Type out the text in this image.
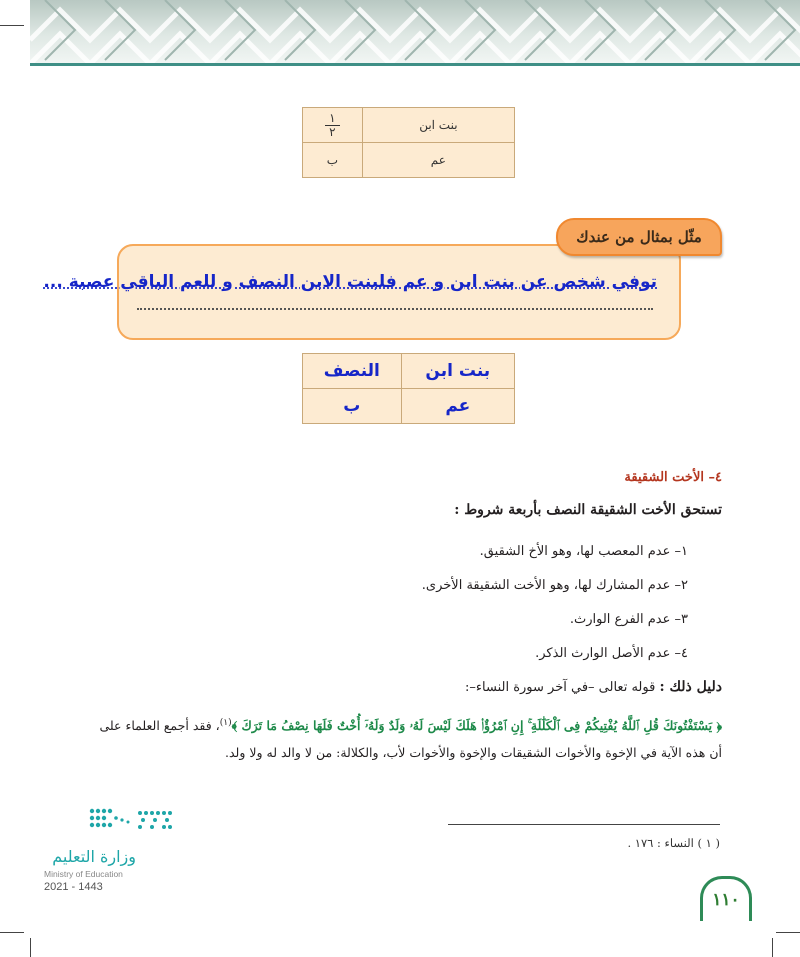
$\frac{١}{٢}$	بنت ابن
ب	عم
مثّل بمثال من عندك
توفي شخص عن بنت ابن و عم فلبنت الابن النصف و للعم الباقي عصبة ...
النصف	بنت ابن
ب	عم
٤– الأخت الشقيقة
تستحق الأخت الشقيقة النصف بأربعة شروط :
١– عدم المعصب لها، وهو الأخ الشقيق.
٢– عدم المشارك لها، وهو الأخت الشقيقة الأخرى.
٣– عدم الفرع الوارث.
٤– عدم الأصل الوارث الذكر.
دليل ذلك : قوله تعالى –في آخر سورة النساء–:
﴿ يَسْتَفْتُونَكَ قُلِ ٱللَّهُ يُفْتِيكُمْ فِى ٱلْكَلَٰلَةِ ۚ إِنِ ٱمْرُؤٌا۟ هَلَكَ لَيْسَ لَهُۥ وَلَدٌ وَلَهُۥٓ أُخْتٌ فَلَهَا نِصْفُ مَا تَرَكَ ﴾$^{(١)}$، فقد أجمع العلماء على أن هذه الآية في الإخوة والأخوات الشقيقات والإخوة والأخوات لأب، والكلالة: من لا والد له ولا ولد.
( ١ ) النساء : ١٧٦ .
وزارة التعليم
Ministry of Education
2021 - 1443
١١٠
